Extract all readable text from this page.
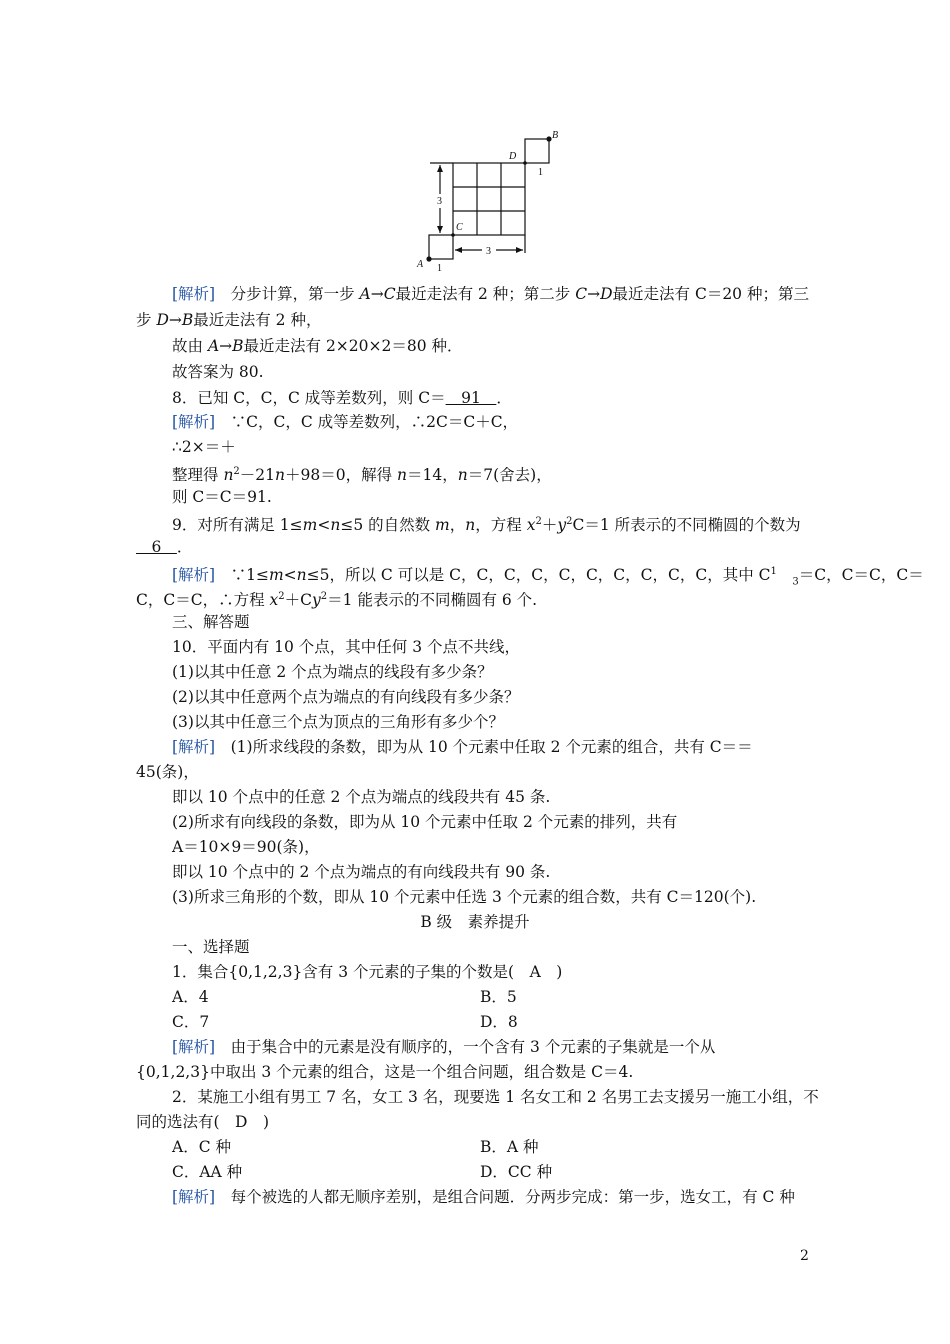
A
B
C
D
3
3
1
1
[解析]　分步计算，第一步 A→C最近走法有 2 种；第二步 C→D最近走法有 C＝20 种；第三
步 D→B最近走法有 2 种，
故由 A→B最近走法有 2×20×2＝80 种．
故答案为 80.
8．已知 C，C，C 成等差数列，则 C＝　91　．
[解析]　∵C，C，C 成等差数列，∴2C＝C＋C，
∴2×＝＋
整理得 $n^2-21n+98=0$，解得 n＝14，n＝7(舍去)，
则 C＝C＝91.
9．对所有满足 1≤m<n≤5 的自然数 m，n，方程 $x^2+y^2C=1$ 所表示的不同椭圆的个数为
　6　．
[解析]　∵1≤m<n≤5，所以 C 可以是 C，C，C，C，C，C，C，C，C，C，其中 $C^1$　$_3$＝C，C＝C，C＝
C，C＝C，∴方程 $x^2+Cy^2=1$ 能表示的不同椭圆有 6 个.
三、解答题
10．平面内有 10 个点，其中任何 3 个点不共线，
(1)以其中任意 2 个点为端点的线段有多少条？
(2)以其中任意两个点为端点的有向线段有多少条？
(3)以其中任意三个点为顶点的三角形有多少个？
[解析]　(1)所求线段的条数，即为从 10 个元素中任取 2 个元素的组合，共有 C＝＝
45(条)，
即以 10 个点中的任意 2 个点为端点的线段共有 45 条.
(2)所求有向线段的条数，即为从 10 个元素中任取 2 个元素的排列，共有
A＝10×9＝90(条)，
即以 10 个点中的 2 个点为端点的有向线段共有 90 条.
(3)所求三角形的个数，即从 10 个元素中任选 3 个元素的组合数，共有 C＝120(个).
B 级　素养提升
一、选择题
1．集合{0,1,2,3}含有 3 个元素的子集的个数是(　A　)
A．4	B．5
C．7	D．8
[解析]　由于集合中的元素是没有顺序的，一个含有 3 个元素的子集就是一个从
{0,1,2,3}中取出 3 个元素的组合，这是一个组合问题，组合数是 C＝4.
2．某施工小组有男工 7 名，女工 3 名，现要选 1 名女工和 2 名男工去支援另一施工小组，不
同的选法有(　D　)
A．C 种	B．A 种
C．AA 种	D．CC 种
[解析]　每个被选的人都无顺序差别，是组合问题．分两步完成：第一步，选女工，有 C 种
2
